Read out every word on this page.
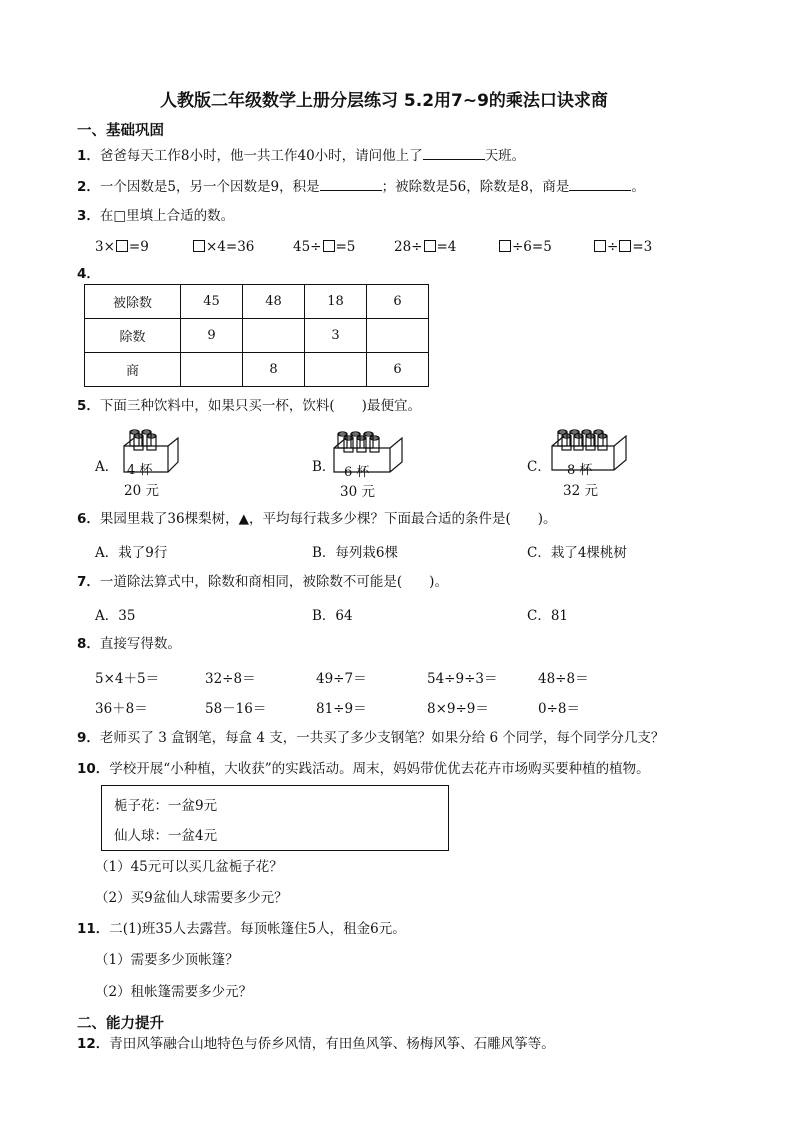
人教版二年级数学上册分层练习 5.2用7~9的乘法口诀求商
一、基础巩固
1．爸爸每天工作8小时，他一共工作40小时，请问他上了	天班。
2．一个因数是5，另一个因数是9，积是	；被除数是56，除数是8，商是	。
3．在□里填上合适的数。
3× =9	×4=36	45÷ =5	28÷ =4	÷6=5	÷ =3
4．
被除数	45	48	18	6
除数	9		3	
商		8		6
5．下面三种饮料中，如果只买一杯，饮料(　　)最便宜。
A． 4 杯
20 元
B． 6 杯
30 元
C． 8 杯
32 元
6．果园里栽了36棵梨树，▲，平均每行栽多少棵？下面最合适的条件是(　　)。
A．栽了9行	B．每列栽6棵	C．栽了4棵桃树
7．一道除法算式中，除数和商相同，被除数不可能是(　　)。
A．35	B．64	C．81
8．直接写得数。
5×4＋5＝	32÷8＝	49÷7＝	54÷9÷3＝	48÷8＝
36＋8＝	58－16＝	81÷9＝	8×9÷9＝	0÷8＝
9．老师买了 3 盒钢笔，每盒 4 支，一共买了多少支钢笔？如果分给 6 个同学，每个同学分几支？
10．学校开展“小种植，大收获”的实践活动。周末，妈妈带优优去花卉市场购买要种植的植物。
栀子花：一盆9元
仙人球：一盆4元
（1）45元可以买几盆栀子花？
（2）买9盆仙人球需要多少元？
11．二(1)班35人去露营。每顶帐篷住5人，租金6元。
（1）需要多少顶帐篷？
（2）租帐篷需要多少元？
二、能力提升
12．青田风筝融合山地特色与侨乡风情，有田鱼风筝、杨梅风筝、石雕风筝等。
